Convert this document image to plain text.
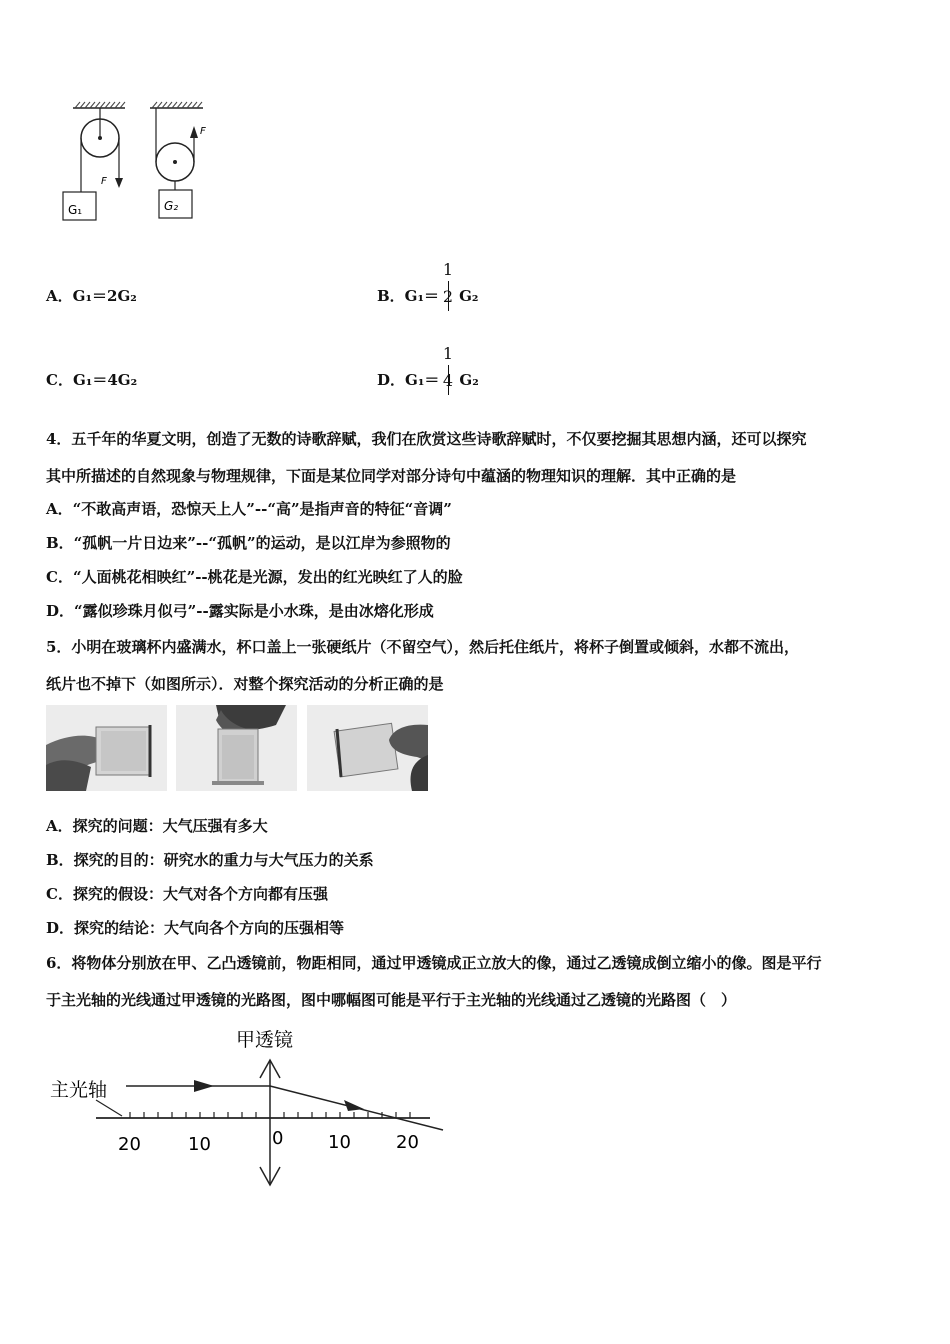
F
G₁
F
G₂
A．G₁＝2G₂	B．G₁＝ G₂
1
2
C．G₁＝4G₂	D．G₁＝ G₂
1
4
4．五千年的华夏文明，创造了无数的诗歌辞赋，我们在欣赏这些诗歌辞赋时，不仅要挖掘其思想内涵，还可以探究
其中所描述的自然现象与物理规律，下面是某位同学对部分诗句中蕴涵的物理知识的理解．其中正确的是
A．“不敢高声语，恐惊天上人”--“高”是指声音的特征“音调”
B．“孤帆一片日边来”--“孤帆”的运动，是以江岸为参照物的
C．“人面桃花相映红”--桃花是光源，发出的红光映红了人的脸
D．“露似珍珠月似弓”--露实际是小水珠，是由冰熔化形成
5．小明在玻璃杯内盛满水，杯口盖上一张硬纸片（不留空气），然后托住纸片，将杯子倒置或倾斜，水都不流出，
纸片也不掉下（如图所示）．对整个探究活动的分析正确的是
A．探究的问题：大气压强有多大
B．探究的目的：研究水的重力与大气压力的关系
C．探究的假设：大气对各个方向都有压强
D．探究的结论：大气向各个方向的压强相等
6．将物体分别放在甲、乙凸透镜前，物距相同，通过甲透镜成正立放大的像，通过乙透镜成倒立缩小的像。图是平行
于主光轴的光线通过甲透镜的光路图，图中哪幅图可能是平行于主光轴的光线通过乙透镜的光路图（　）
甲透镜
主光轴
20	10	0 10	20
